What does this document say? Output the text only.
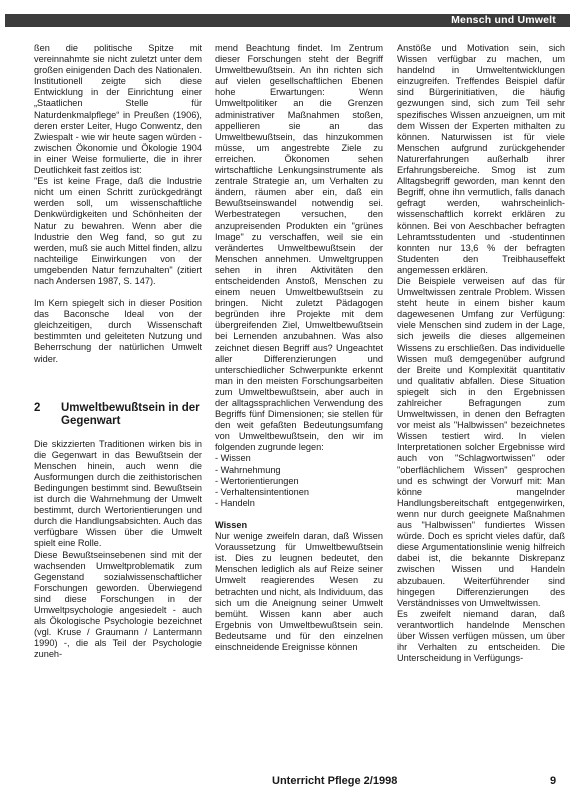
Mensch und Umwelt

ßen die politische Spitze mit vereinnahmte sie nicht zuletzt unter dem großen einigenden Dach des Nationalen. Institutionell zeigte sich diese Entwicklung in der Einrichtung einer „Staatlichen Stelle für Naturdenkmalpflege“ in Preußen (1906), deren erster Leiter, Hugo Conwentz, den Zwiespalt - wie wir heute sagen würden - zwischen Ökonomie und Ökologie 1904 in einer Weise formulierte, die in ihrer Deutlichkeit fast zeitlos ist:

"Es ist keine Frage, daß die Industrie nicht um einen Schritt zurückgedrängt werden soll, um wissenschaftliche Denkwürdigkeiten und Schönheiten der Natur zu bewahren. Wenn aber die Industrie den Weg fand, so gut zu werden, muß sie auch Mittel finden, allzu nachteilige Einwirkungen von der umgebenden Natur fernzuhalten" (zitiert nach Andersen 1987, S. 147).

Im Kern spiegelt sich in dieser Position das Baconsche Ideal von der gleichzeitigen, durch Wissenschaft bestimmten und geleiteten Nutzung und Beherrschung der natürlichen Umwelt wider.

2	Umweltbewußtsein in der Gegenwart

Die skizzierten Traditionen wirken bis in die Gegenwart in das Bewußtsein der Menschen hinein, auch wenn die Ausformungen durch die zeithistorischen Bedingungen bestimmt sind. Bewußtsein ist durch die Wahrnehmung der Umwelt bestimmt, durch Wertorientierungen und durch die Handlungsabsichten. Auch das verfügbare Wissen über die Umwelt spielt eine Rolle.

Diese Bewußtseinsebenen sind mit der wachsenden Umweltproblematik zum Gegenstand sozialwissenschaftlicher Forschungen geworden. Überwiegend sind diese Forschungen in der Umweltpsychologie angesiedelt - auch als Ökologische Psychologie bezeichnet (vgl. Kruse / Graumann / Lantermann 1990) -, die als Teil der Psychologie zuneh-

mend Beachtung findet. Im Zentrum dieser Forschungen steht der Begriff Umweltbewußtsein. An ihn richten sich auf vielen gesellschaftlichen Ebenen hohe Erwartungen: Wenn Umweltpolitiker an die Grenzen administrativer Maßnahmen stoßen, appellieren sie an das Umweltbewußtsein, das hinzukommen müsse, um angestrebte Ziele zu erreichen. Ökonomen sehen wirtschaftliche Lenkungsinstrumente als zentrale Strategie an, um Verhalten zu ändern, räumen aber ein, daß ein Bewußtseinswandel notwendig sei. Werbestrategen versuchen, den anzupreisenden Produkten ein "grünes Image" zu verschaffen, weil sie ein verändertes Umweltbewußtsein der Menschen annehmen. Umweltgruppen sehen in ihren Aktivitäten den entscheidenden Anstoß, Menschen zu einem neuen Umweltbewußtsein zu bringen. Nicht zuletzt Pädagogen begründen ihre Projekte mit dem übergreifenden Ziel, Umweltbewußtsein bei Lernenden anzubahnen. Was also zeichnet diesen Begriff aus? Ungeachtet aller Differenzierungen und unterschiedlicher Schwerpunkte erkennt man in den meisten Forschungsarbeiten zum Umweltbewußtsein, aber auch in der alltagssprachlichen Verwendung des Begriffs fünf Dimensionen; sie stellen für den weit gefaßten Bedeutungsumfang von Umweltbewußtsein, den wir im folgenden zugrunde legen:

- Wissen
- Wahrnehmung
- Wertorientierungen
- Verhaltensintentionen
- Handeln
Wissen

Nur wenige zweifeln daran, daß Wissen Voraussetzung für Umweltbewußtsein ist. Dies zu leugnen bedeutet, den Menschen lediglich als auf Reize seiner Umwelt reagierendes Wesen zu betrachten und nicht, als Individuum, das sich um die Aneignung seiner Umwelt bemüht. Wissen kann aber auch Ergebnis von Umweltbewußtsein sein. Bedeutsame und für den einzelnen einschneidende Ereignisse können

Anstöße und Motivation sein, sich Wissen verfügbar zu machen, um handelnd in Umweltentwicklungen einzugreifen. Treffendes Beispiel dafür sind Bürgerinitiativen, die häufig gezwungen sind, sich zum Teil sehr spezifisches Wissen anzueignen, um mit dem Wissen der Experten mithalten zu können. Naturwissen ist für viele Menschen aufgrund zurückgehender Naturerfahrungen außerhalb ihrer Erfahrungsbereiche. Smog ist zum Alltagsbegriff geworden, man kennt den Begriff, ohne ihn vermutlich, falls danach gefragt werden, wahrscheinlich-wissenschaftlich korrekt erklären zu können. Bei von Aeschbacher befragten Lehramtsstudenten und -studentinnen konnten nur 13,6 % der befragten Studenten den Treibhauseffekt angemessen erklären.

Die Beispiele verweisen auf das für Umweltwissen zentrale Problem. Wissen steht heute in einem bisher kaum dagewesenen Umfang zur Verfügung: viele Menschen sind zudem in der Lage, sich jeweils die dieses allgemeinen Wissens zu erschließen. Das individuelle Wissen muß demgegenüber aufgrund der Breite und Komplexität quantitativ und qualitativ abfallen. Diese Situation spiegelt sich in den Ergebnissen zahlreicher Befragungen zum Umweltwissen, in denen den Befragten vor meist als "Halbwissen" bezeichnetes Wissen testiert wird. In vielen Interpretationen solcher Ergebnisse wird auch von "Schlagwortwissen" oder "oberflächlichem Wissen" gesprochen und es schwingt der Vorwurf mit: Man könne mangelnder Handlungsbereitschaft entgegenwirken, wenn nur durch geeignete Maßnahmen aus "Halbwissen" fundiertes Wissen würde. Doch es spricht vieles dafür, daß diese Argumentationslinie wenig hilfreich dabei ist, die bekannte Diskrepanz zwischen Wissen und Handeln abzubauen. Weiterführender sind hingegen Differenzierungen des Verständnisses von Umweltwissen.

Es zweifelt niemand daran, daß verantwortlich handelnde Menschen über Wissen verfügen müssen, um über ihr Verhalten zu entscheiden. Die Unterscheidung in Verfügungs-

Unterricht Pflege 2/1998	9
